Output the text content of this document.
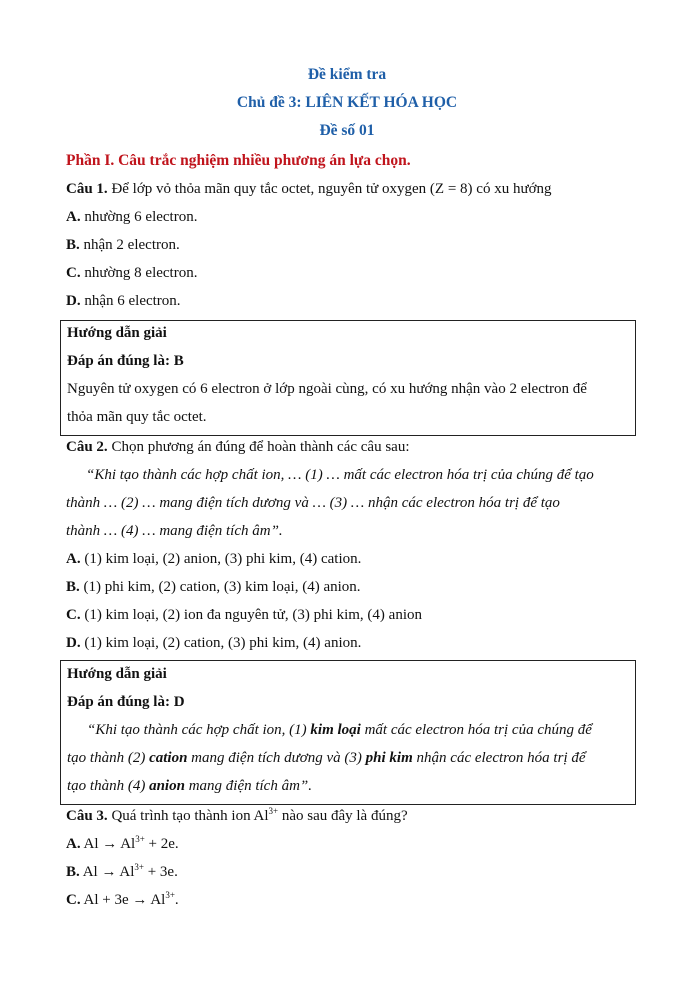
Đề kiểm tra
Chủ đề 3: LIÊN KẾT HÓA HỌC
Đề số 01
Phần I. Câu trắc nghiệm nhiều phương án lựa chọn.
Câu 1. Để lớp vỏ thỏa mãn quy tắc octet, nguyên tử oxygen (Z = 8) có xu hướng
A. nhường 6 electron.
B. nhận 2 electron.
C. nhường 8 electron.
D. nhận 6 electron.
Hướng dẫn giải
Đáp án đúng là: B
Nguyên tử oxygen có 6 electron ở lớp ngoài cùng, có xu hướng nhận vào 2 electron để
thỏa mãn quy tắc octet.
Câu 2. Chọn phương án đúng để hoàn thành các câu sau:
“Khi tạo thành các hợp chất ion, … (1) … mất các electron hóa trị của chúng để tạo
thành … (2) … mang điện tích dương và … (3) … nhận các electron hóa trị để tạo
thành … (4) … mang điện tích âm”.
A. (1) kim loại, (2) anion, (3) phi kim, (4) cation.
B. (1) phi kim, (2) cation, (3) kim loại, (4) anion.
C. (1) kim loại, (2) ion đa nguyên tử, (3) phi kim, (4) anion
D. (1) kim loại, (2) cation, (3) phi kim, (4) anion.
Hướng dẫn giải
Đáp án đúng là: D
“Khi tạo thành các hợp chất ion, (1) kim loại mất các electron hóa trị của chúng để
tạo thành (2) cation mang điện tích dương và (3) phi kim nhận các electron hóa trị để
tạo thành (4) anion mang điện tích âm”.
Câu 3. Quá trình tạo thành ion $Al^{3+}$ nào sau đây là đúng?
A. $Al \to Al^{3+} + 2e$.
B. $Al \to Al^{3+} + 3e$.
C. $Al + 3e \to Al^{3+}$.
